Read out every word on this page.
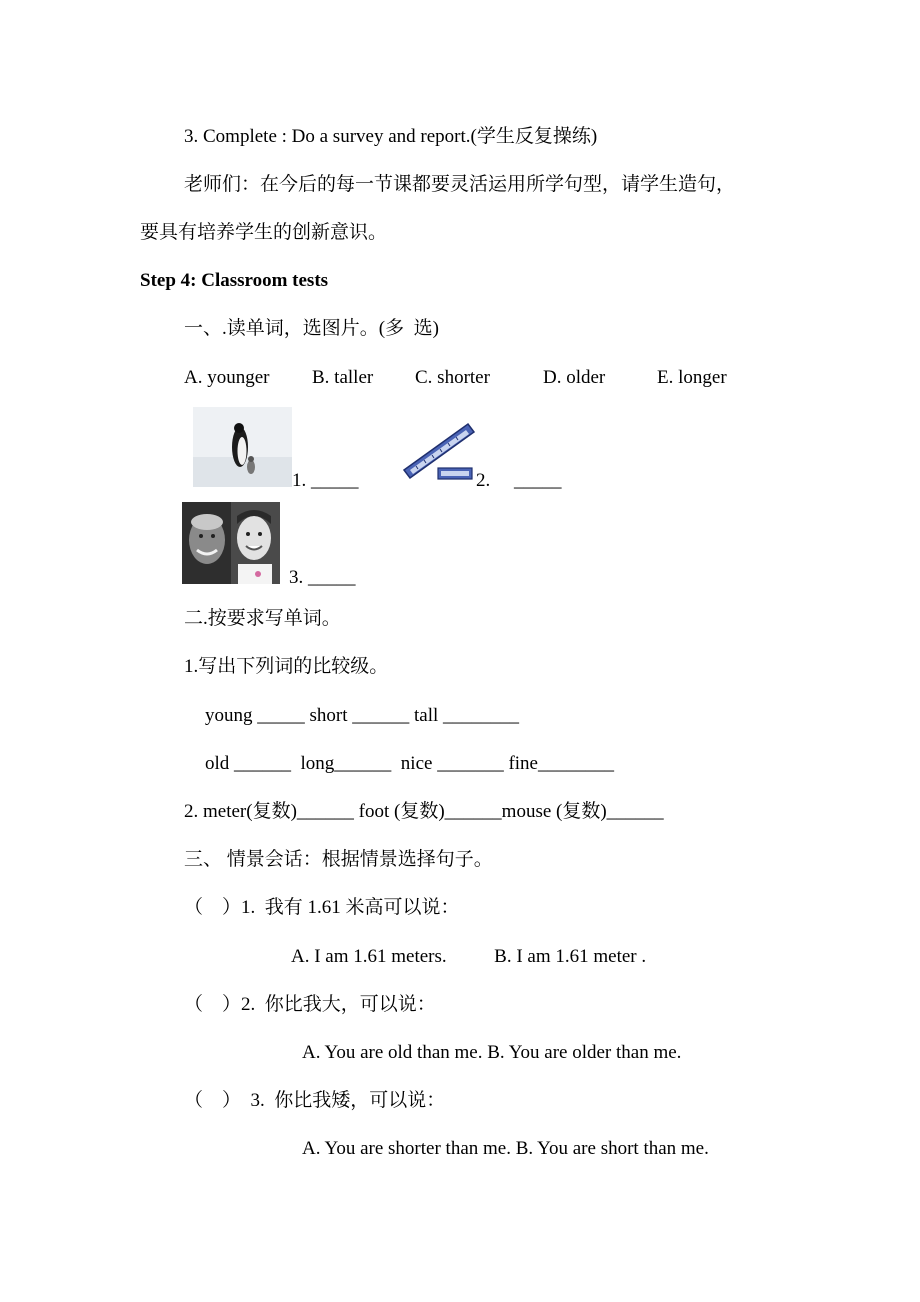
3. Complete : Do a survey and report.(学生反复操练)
老师们：在今后的每一节课都要灵活运用所学句型，请学生造句，
要具有培养学生的创新意识。
Step 4: Classroom tests
一、.读单词，选图片。(多  选)
A. younger B. taller C. shorter	D. older	E. longer
1. _____	2.     _____
3. _____
二.按要求写单词。
1.写出下列词的比较级。
young _____ short ______ tall ________
old ______  long______  nice _______ fine________
2. meter(复数)______ foot (复数)______mouse (复数)______
三、 情景会话：根据情景选择句子。
（    ）1.  我有 1.61 米高可以说：
A. I am 1.61 meters.          B. I am 1.61 meter .
（    ）2.  你比我大，可以说：
A. You are old than me. B. You are older than me.
（    ）  3.  你比我矮，可以说：
A. You are shorter than me. B. You are short than me.
